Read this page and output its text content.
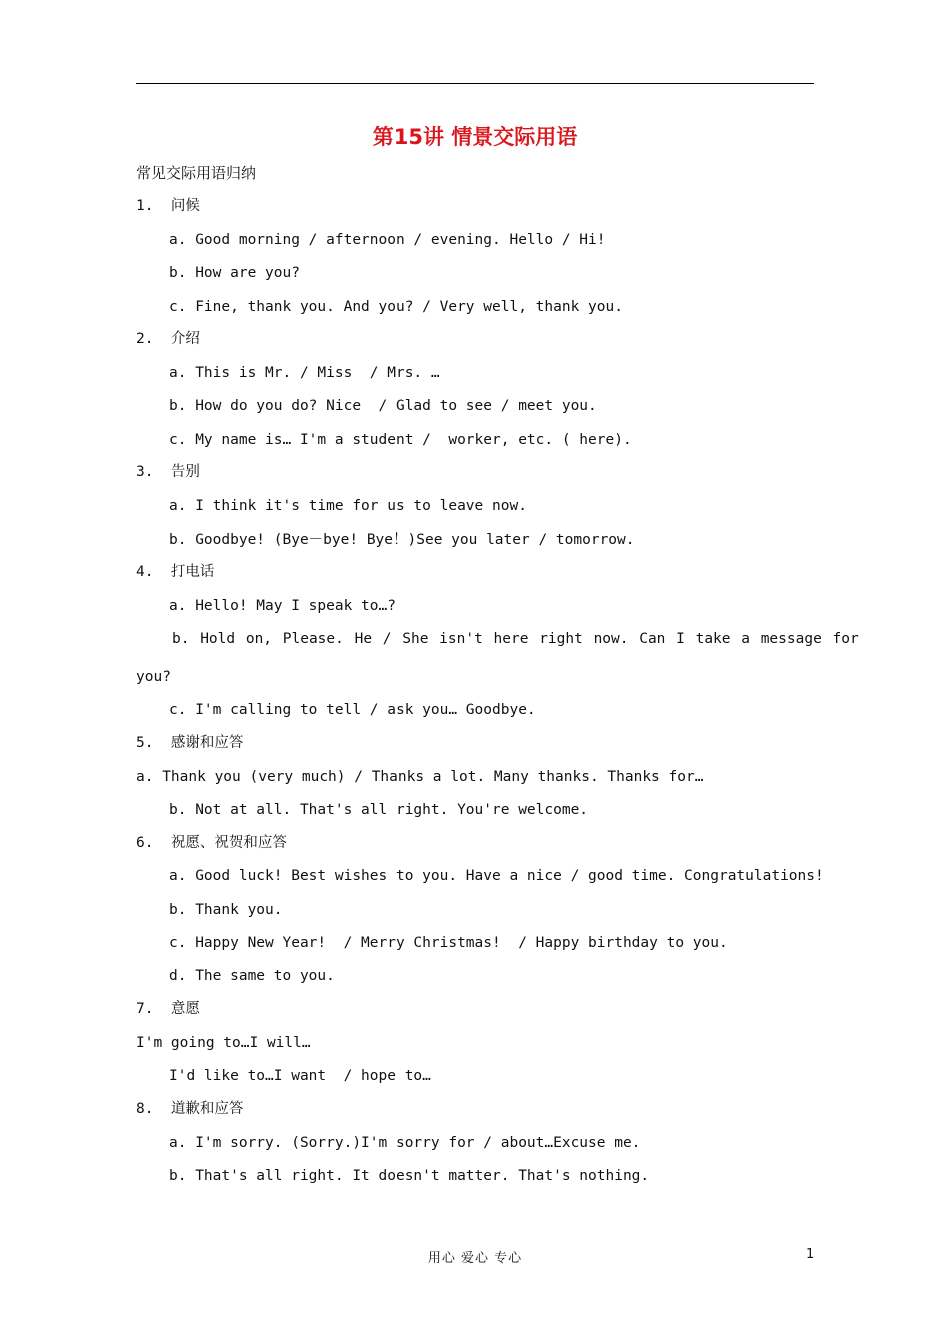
第15讲 情景交际用语
常见交际用语归纳
1.  问候
a. Good morning / afternoon / evening. Hello / Hi!
b. How are you?
c. Fine, thank you. And you? / Very well, thank you.
2.  介绍
a. This is Mr. / Miss  / Mrs. …
b. How do you do? Nice  / Glad to see / meet you.
c. My name is… I'm a student /  worker, etc. ( here).
3.  告别
a. I think it's time for us to leave now.
b. Goodbye! (Bye－bye! Bye！)See you later / tomorrow.
4.  打电话
a. Hello! May I speak to…?
b. Hold on, Please. He / She isn't here right now. Can I take a message for
you?
c. I'm calling to tell / ask you… Goodbye.
5.  感谢和应答
a. Thank you (very much) / Thanks a lot. Many thanks. Thanks for…
b. Not at all. That's all right. You're welcome.
6.  祝愿、祝贺和应答
a. Good luck! Best wishes to you. Have a nice / good time. Congratulations!
b. Thank you.
c. Happy New Year!  / Merry Christmas!  / Happy birthday to you.
d. The same to you.
7.  意愿
I'm going to…I will…
I'd like to…I want  / hope to…
8.  道歉和应答
a. I'm sorry. (Sorry.)I'm sorry for / about…Excuse me.
b. That's all right. It doesn't matter. That's nothing.
用心 爱心 专心	1
